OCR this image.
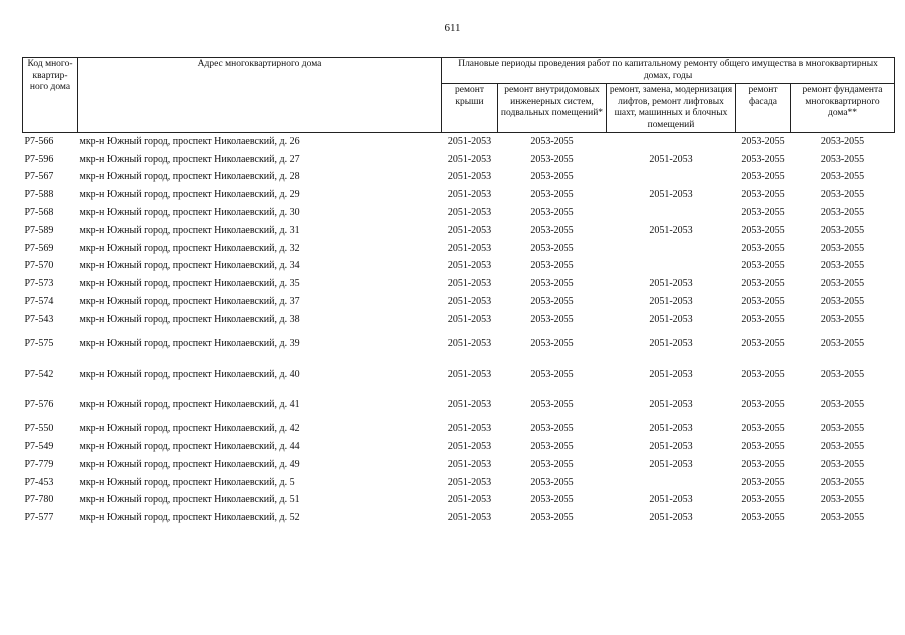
611
Код много-квартир-ного дома	Адрес многоквартирного дома	Плановые периоды проведения работ по капитальному ремонту общего имущества в многоквартирных домах, годы				
		ремонт крыши	ремонт внутридомовых инженерных систем, подвальных помещений*	ремонт, замена, модернизация лифтов, ремонт лифтовых шахт, машинных и блочных помещений	ремонт фасада	ремонт фундамента многоквартирного дома**
P7-566	мкр-н Южный город, проспект Николаевский, д. 26	2051-2053	2053-2055		2053-2055	2053-2055
P7-596	мкр-н Южный город, проспект Николаевский, д. 27	2051-2053	2053-2055	2051-2053	2053-2055	2053-2055
P7-567	мкр-н Южный город, проспект Николаевский, д. 28	2051-2053	2053-2055		2053-2055	2053-2055
P7-588	мкр-н Южный город, проспект Николаевский, д. 29	2051-2053	2053-2055	2051-2053	2053-2055	2053-2055
P7-568	мкр-н Южный город, проспект Николаевский, д. 30	2051-2053	2053-2055		2053-2055	2053-2055
P7-589	мкр-н Южный город, проспект Николаевский, д. 31	2051-2053	2053-2055	2051-2053	2053-2055	2053-2055
P7-569	мкр-н Южный город, проспект Николаевский, д. 32	2051-2053	2053-2055		2053-2055	2053-2055
P7-570	мкр-н Южный город, проспект Николаевский, д. 34	2051-2053	2053-2055		2053-2055	2053-2055
P7-573	мкр-н Южный город, проспект Николаевский, д. 35	2051-2053	2053-2055	2051-2053	2053-2055	2053-2055
P7-574	мкр-н Южный город, проспект Николаевский, д. 37	2051-2053	2053-2055	2051-2053	2053-2055	2053-2055
P7-543	мкр-н Южный город, проспект Николаевский, д. 38	2051-2053	2053-2055	2051-2053	2053-2055	2053-2055
P7-575	мкр-н Южный город, проспект Николаевский, д. 39	2051-2053	2053-2055	2051-2053	2053-2055	2053-2055
P7-542	мкр-н Южный город, проспект Николаевский, д. 40	2051-2053	2053-2055	2051-2053	2053-2055	2053-2055
P7-576	мкр-н Южный город, проспект Николаевский, д. 41	2051-2053	2053-2055	2051-2053	2053-2055	2053-2055
P7-550	мкр-н Южный город, проспект Николаевский, д. 42	2051-2053	2053-2055	2051-2053	2053-2055	2053-2055
P7-549	мкр-н Южный город, проспект Николаевский, д. 44	2051-2053	2053-2055	2051-2053	2053-2055	2053-2055
P7-779	мкр-н Южный город, проспект Николаевский, д. 49	2051-2053	2053-2055	2051-2053	2053-2055	2053-2055
P7-453	мкр-н Южный город, проспект Николаевский, д. 5	2051-2053	2053-2055		2053-2055	2053-2055
P7-780	мкр-н Южный город, проспект Николаевский, д. 51	2051-2053	2053-2055	2051-2053	2053-2055	2053-2055
P7-577	мкр-н Южный город, проспект Николаевский, д. 52	2051-2053	2053-2055	2051-2053	2053-2055	2053-2055
